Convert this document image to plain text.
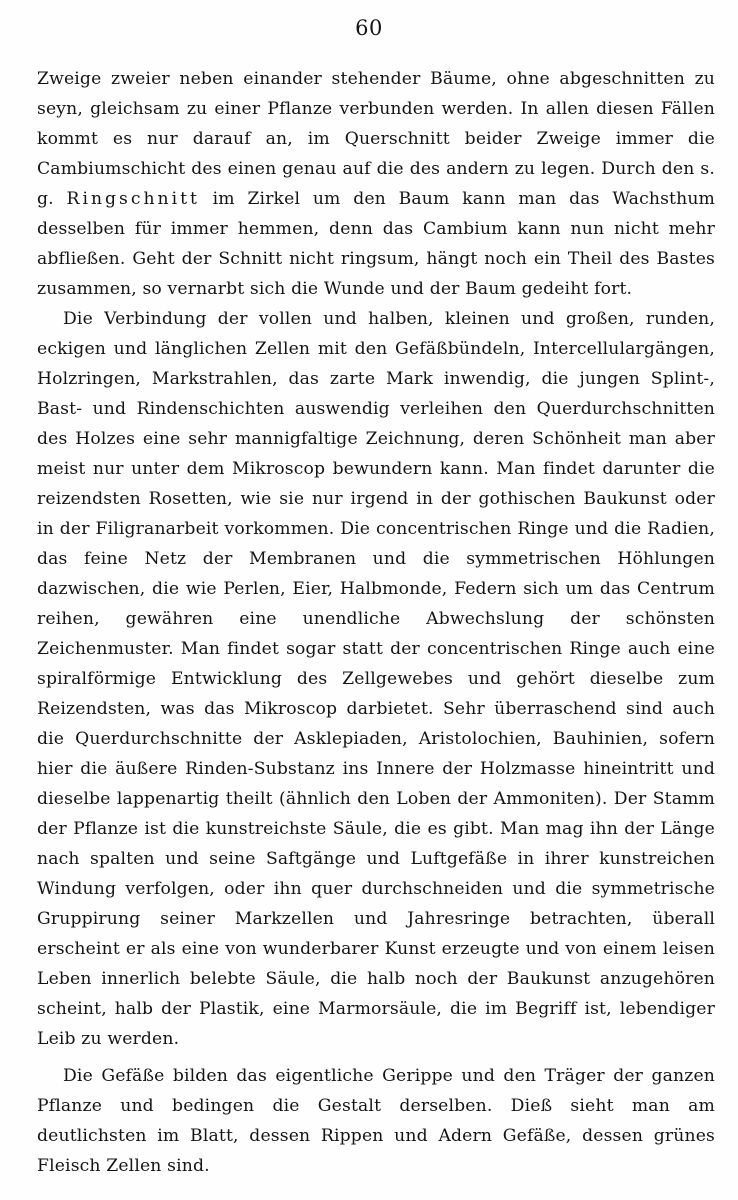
60

Zweige zweier neben einander stehender Bäume, ohne abgeschnitten zu seyn, gleichsam zu einer Pflanze verbunden werden. In allen diesen Fällen kommt es nur darauf an, im Querschnitt beider Zweige immer die Cambiumschicht des einen genau auf die des andern zu legen. Durch den s. g. Ringschnitt im Zirkel um den Baum kann man das Wachsthum desselben für immer hemmen, denn das Cambium kann nun nicht mehr abfließen. Geht der Schnitt nicht ringsum, hängt noch ein Theil des Bastes zusammen, so vernarbt sich die Wunde und der Baum gedeiht fort.

Die Verbindung der vollen und halben, kleinen und großen, runden, eckigen und länglichen Zellen mit den Gefäßbündeln, Intercellulargängen, Holzringen, Markstrahlen, das zarte Mark inwendig, die jungen Splint-, Bast- und Rindenschichten auswendig verleihen den Querdurchschnitten des Holzes eine sehr mannigfaltige Zeichnung, deren Schönheit man aber meist nur unter dem Mikroscop bewundern kann. Man findet darunter die reizendsten Rosetten, wie sie nur irgend in der gothischen Baukunst oder in der Filigranarbeit vorkommen. Die concentrischen Ringe und die Radien, das feine Netz der Membranen und die symmetrischen Höhlungen dazwischen, die wie Perlen, Eier, Halbmonde, Federn sich um das Centrum reihen, gewähren eine unendliche Abwechslung der schönsten Zeichenmuster. Man findet sogar statt der concentrischen Ringe auch eine spiralförmige Entwicklung des Zellgewebes und gehört dieselbe zum Reizendsten, was das Mikroscop darbietet. Sehr überraschend sind auch die Querdurchschnitte der Asklepiaden, Aristolochien, Bauhinien, sofern hier die äußere Rinden-Substanz ins Innere der Holzmasse hineintritt und dieselbe lappenartig theilt (ähnlich den Loben der Ammoniten). Der Stamm der Pflanze ist die kunstreichste Säule, die es gibt. Man mag ihn der Länge nach spalten und seine Saftgänge und Luftgefäße in ihrer kunstreichen Windung verfolgen, oder ihn quer durchschneiden und die symmetrische Gruppirung seiner Markzellen und Jahresringe betrachten, überall erscheint er als eine von wunderbarer Kunst erzeugte und von einem leisen Leben innerlich belebte Säule, die halb noch der Baukunst anzugehören scheint, halb der Plastik, eine Marmorsäule, die im Begriff ist, lebendiger Leib zu werden.

Die Gefäße bilden das eigentliche Gerippe und den Träger der ganzen Pflanze und bedingen die Gestalt derselben. Dieß sieht man am deutlichsten im Blatt, dessen Rippen und Adern Gefäße, dessen grünes Fleisch Zellen sind.
